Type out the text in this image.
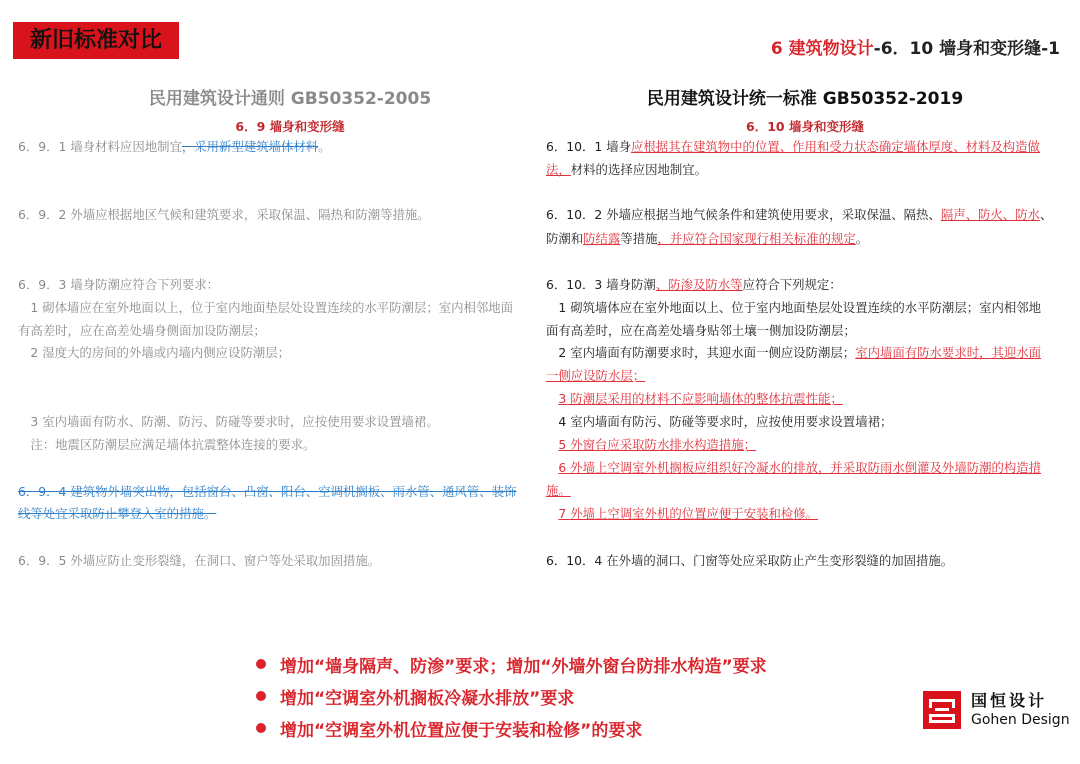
新旧标准对比	6 建筑物设计-6．10 墙身和变形缝-1
民用建筑设计通则 GB50352-2005	民用建筑设计统一标准 GB50352-2019
6．9 墙身和变形缝	6．10 墙身和变形缝
6．9．1 墙身材料应因地制宜，采用新型建筑墙体材料。
6．9．2 外墙应根据地区气候和建筑要求，采取保温、隔热和防潮等措施。
6．9．3 墙身防潮应符合下列要求：
　1 砌体墙应在室外地面以上，位于室内地面垫层处设置连续的水平防潮层；室内相邻地面
有高差时，应在高差处墙身侧面加设防潮层；
　2 湿度大的房间的外墙或内墙内侧应设防潮层；
　3 室内墙面有防水、防潮、防污、防碰等要求时，应按使用要求设置墙裙。
　注：地震区防潮层应满足墙体抗震整体连接的要求。
6．9．4 建筑物外墙突出物，包括窗台、凸窗、阳台、空调机搁板、雨水管、通风管、装饰
线等处宜采取防止攀登入室的措施。
6．9．5 外墙应防止变形裂缝，在洞口、窗户等处采取加固措施。
6．10．1 墙身应根据其在建筑物中的位置、作用和受力状态确定墙体厚度、材料及构造做
法，材料的选择应因地制宜。
6．10．2 外墙应根据当地气候条件和建筑使用要求，采取保温、隔热、隔声、防火、防水、
防潮和防结露等措施，并应符合国家现行相关标准的规定。
6．10．3 墙身防潮、防渗及防水等应符合下列规定：
　1 砌筑墙体应在室外地面以上、位于室内地面垫层处设置连续的水平防潮层；室内相邻地
面有高差时，应在高差处墙身贴邻土壤一侧加设防潮层；
　2 室内墙面有防潮要求时，其迎水面一侧应设防潮层；室内墙面有防水要求时，其迎水面
一侧应设防水层；
　3 防潮层采用的材料不应影响墙体的整体抗震性能；
　4 室内墙面有防污、防碰等要求时，应按使用要求设置墙裙；
　5 外窗台应采取防水排水构造措施；
　6 外墙上空调室外机搁板应组织好冷凝水的排放，并采取防雨水倒灌及外墙防潮的构造措
施。
　7 外墙上空调室外机的位置应便于安装和检修。
6．10．4 在外墙的洞口、门窗等处应采取防止产生变形裂缝的加固措施。
增加“墙身隔声、防渗”要求；增加“外墙外窗台防排水构造”要求
增加“空调室外机搁板冷凝水排放”要求
增加“空调室外机位置应便于安装和检修”的要求
国恒设计
Gohen Design
